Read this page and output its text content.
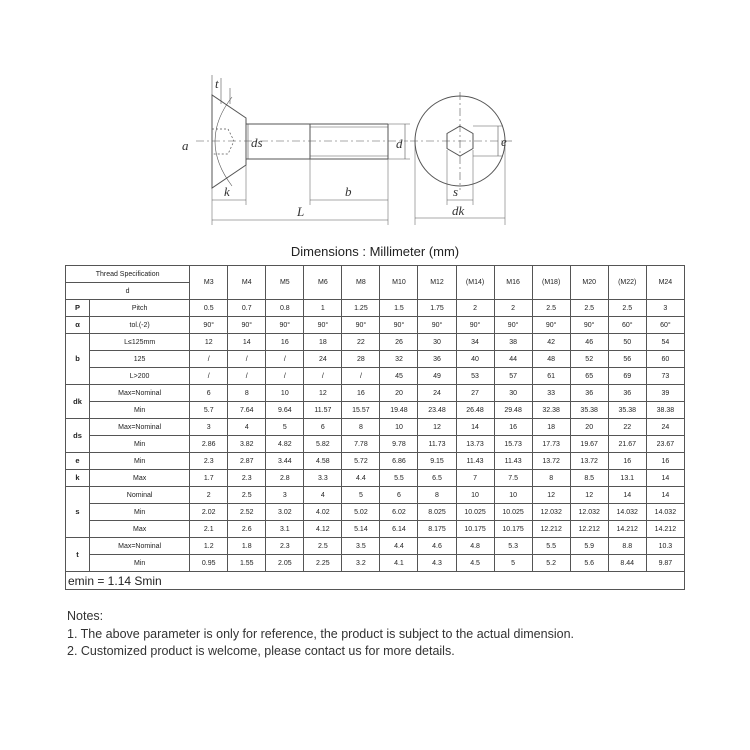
t
a	ds	d	e
k	b
L
s
dk
Dimensions : Millimeter (mm)
Thread Specification		M3	M4	M5	M6	M8	M10	M12	(M14)	M16	(M18)	M20	(M22)	M24
d														
P	Pitch	0.5	0.7	0.8	1	1.25	1.5	1.75	2	2	2.5	2.5	2.5	3
α	tol.(-2)	90°	90°	90°	90°	90°	90°	90°	90°	90°	90°	90°	60°	60°
b	L≤125mm	12	14	16	18	22	26	30	34	38	42	46	50	54
	125	/	/	/	24	28	32	36	40	44	48	52	56	60
	L>200	/	/	/	/	/	45	49	53	57	61	65	69	73
dk	Max=Nominal	6	8	10	12	16	20	24	27	30	33	36	36	39
	Min	5.7	7.64	9.64	11.57	15.57	19.48	23.48	26.48	29.48	32.38	35.38	35.38	38.38
ds	Max=Nominal	3	4	5	6	8	10	12	14	16	18	20	22	24
	Min	2.86	3.82	4.82	5.82	7.78	9.78	11.73	13.73	15.73	17.73	19.67	21.67	23.67
e	Min	2.3	2.87	3.44	4.58	5.72	6.86	9.15	11.43	11.43	13.72	13.72	16	16
k	Max	1.7	2.3	2.8	3.3	4.4	5.5	6.5	7	7.5	8	8.5	13.1	14
s	Nominal	2	2.5	3	4	5	6	8	10	10	12	12	14	14
	Min	2.02	2.52	3.02	4.02	5.02	6.02	8.025	10.025	10.025	12.032	12.032	14.032	14.032
	Max	2.1	2.6	3.1	4.12	5.14	6.14	8.175	10.175	10.175	12.212	12.212	14.212	14.212
t	Max=Nominal	1.2	1.8	2.3	2.5	3.5	4.4	4.6	4.8	5.3	5.5	5.9	8.8	10.3
	Min	0.95	1.55	2.05	2.25	3.2	4.1	4.3	4.5	5	5.2	5.6	8.44	9.87
emin = 1.14 Smin														
Notes:
1. The above parameter is only for reference, the product is subject to the actual dimension.
2. Customized product is welcome, please contact us for more details.
